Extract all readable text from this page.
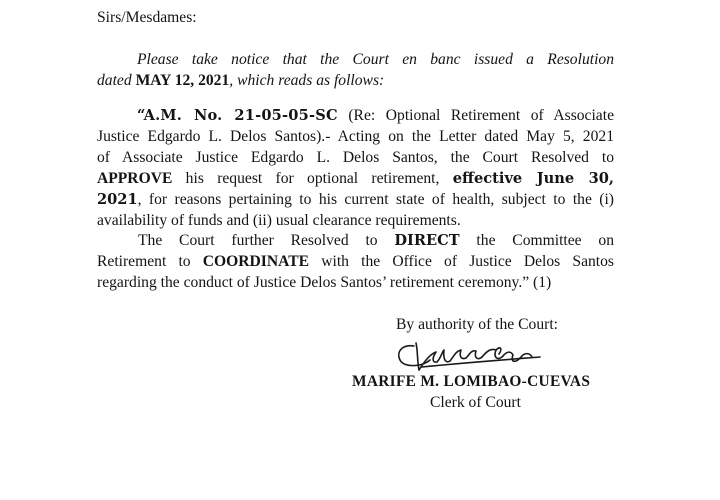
Sirs/Mesdames:

Please take notice that the Court en banc issued a Resolution
dated MAY 12, 2021, which reads as follows:
“A.M. No. 21-05-05-SC (Re: Optional Retirement of Associate
Justice Edgardo L. Delos Santos).- Acting on the Letter dated May 5, 2021
of Associate Justice Edgardo L. Delos Santos, the Court Resolved to
APPROVE his request for optional retirement, effective June 30,
2021, for reasons pertaining to his current state of health, subject to the (i)
availability of funds and (ii) usual clearance requirements.
The Court further Resolved to DIRECT the Committee on
Retirement to COORDINATE with the Office of Justice Delos Santos
regarding the conduct of Justice Delos Santos’ retirement ceremony.” (1)

By authority of the Court:

MARIFE M. LOMIBAO-CUEVAS

Clerk of Court
